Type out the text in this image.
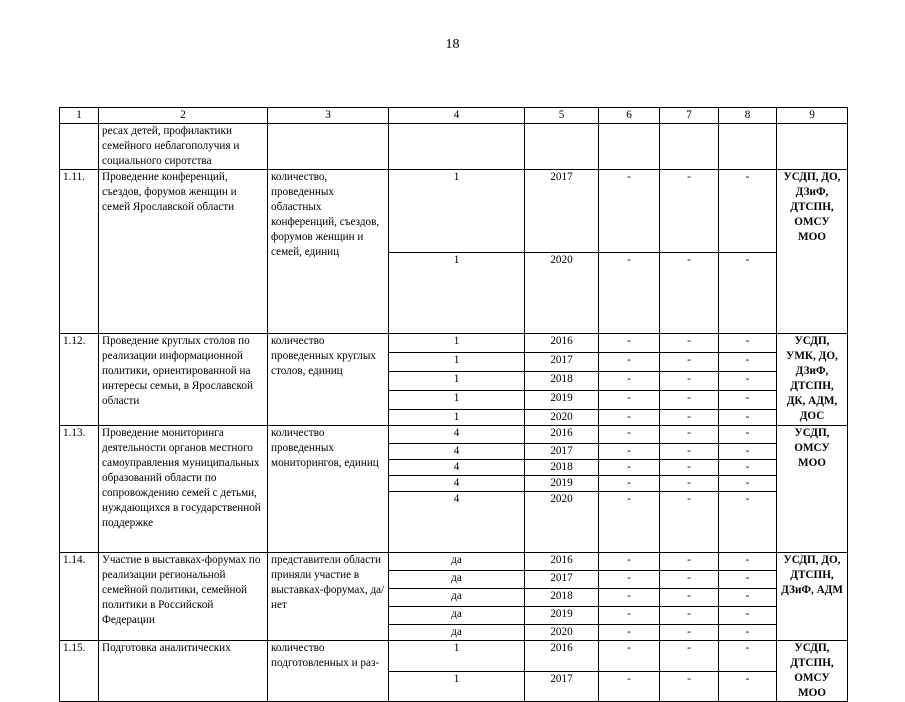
18
1	2	3	4	5	6	7	8	9
	ресах детей, профилактики семейного неблагополучия и социального сиротства							
1.11.	Проведение конференций, съездов, форумов женщин и семей Ярославской области	количество, проведенных областных конференций, съездов, форумов женщин и семей, единиц	1	2017	-	-	-	УСДП, ДО, ДЗиФ, ДТСПН, ОМСУ МОО
			1	2020	-	-	-	
1.12.	Проведение круглых столов по реализации информационной политики, ориентированной на интересы семьи, в Ярославской области	количество проведенных круглых столов, единиц	1	2016	-	-	-	УСДП, УМК, ДО, ДЗиФ, ДТСПН, ДК, АДМ, ДОС
			1	2017	-	-	-	
			1	2018	-	-	-	
			1	2019	-	-	-	
			1	2020	-	-	-	
1.13.	Проведение мониторинга деятельности органов местного самоуправления муниципальных образований области по сопровождению семей с детьми, нуждающихся в государственной поддержке	количество проведенных мониторингов, единиц	4	2016	-	-	-	УСДП, ОМСУ МОО
			4	2017	-	-	-	
			4	2018	-	-	-	
			4	2019	-	-	-	
			4	2020	-	-	-	
1.14.	Участие в выставках-форумах по реализации региональной семейной политики, семейной политики в Российской Федерации	представители области приняли участие в выставках-форумах, да/нет	да	2016	-	-	-	УСДП, ДО, ДТСПН, ДЗиФ, АДМ
			да	2017	-	-	-	
			да	2018	-	-	-	
			да	2019	-	-	-	
			да	2020	-	-	-	
1.15.	Подготовка аналитических	количество подготовленных и раз-	1	2016	-	-	-	УСДП, ДТСПН, ОМСУ МОО
			1	2017	-	-	-	
